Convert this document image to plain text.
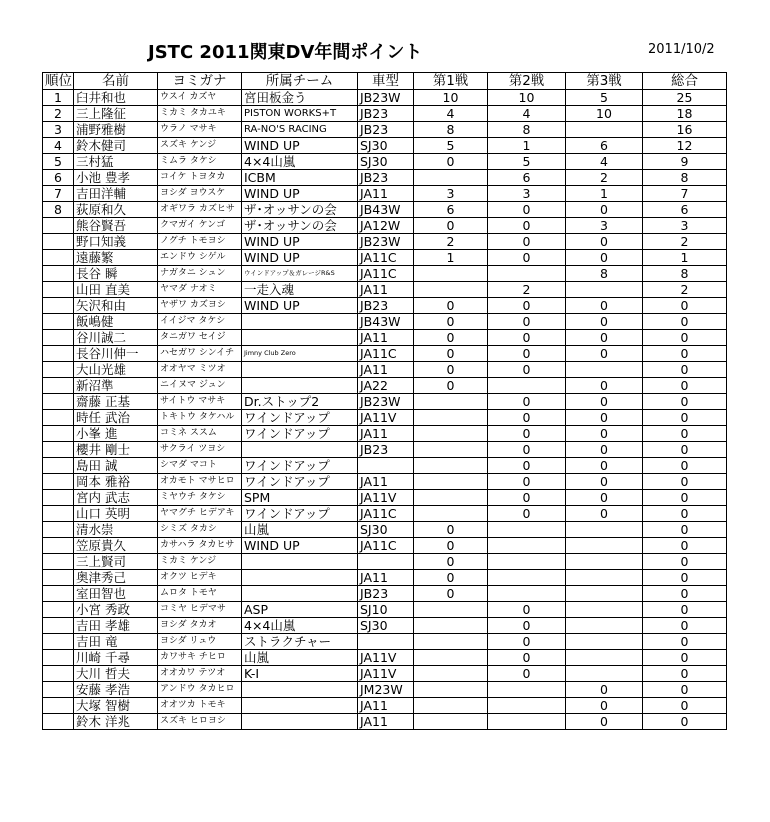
JSTC 2011関東DV年間ポイント	2011/10/2
順位	名前	ヨミガナ	所属チーム	車型	第1戦	第2戦	第3戦	総合
1	臼井和也	ウスイ カズヤ	宮田板金う	JB23W	10	10	5	25
2	三上隆征	ミカミ タカユキ	PISTON WORKS+T	JB23	4	4	10	18
3	浦野雅樹	ウラノ マサキ	RA-NO'S RACING	JB23	8	8		16
4	鈴木健司	スズキ ケンジ	WIND UP	SJ30	5	1	6	12
5	三村猛	ミムラ タケシ	4×4山嵐	SJ30	0	5	4	9
6	小池 豊孝	コイケ トヨタカ	ICBM	JB23		6	2	8
7	吉田洋輔	ヨシダ ヨウスケ	WIND UP	JA11	3	3	1	7
8	荻原和久	オギワラ カズヒサ	ザ･オッサンの会	JB43W	6	0	0	6
	熊谷賢吾	クマガイ ケンゴ	ザ･オッサンの会	JA12W	0	0	3	3
	野口知義	ノグチ トモヨシ	WIND UP	JB23W	2	0	0	2
	遠藤繁	エンドウ シゲル	WIND UP	JA11C	1	0	0	1
	長谷 瞬	ナガタニ シュン	ウインドアップ＆ガレージR&S	JA11C			8	8
	山田 直美	ヤマダ ナオミ	一走入魂	JA11		2		2
	矢沢和由	ヤザワ カズヨシ	WIND UP	JB23	0	0	0	0
	飯嶋健	イイジマ タケシ		JB43W	0	0	0	0
	谷川誠二	タニガワ セイジ		JA11	0	0	0	0
	長谷川伸一	ハセガワ シンイチ	Jimny Club Zero	JA11C	0	0	0	0
	大山光雄	オオヤマ ミツオ		JA11	0	0		0
	新沼準	ニイヌマ ジュン		JA22	0		0	0
	齋藤 正基	サイトウ マサキ	Dr.ストップ2	JB23W		0	0	0
	時任 武治	トキトウ タケハル	ワインドアップ	JA11V		0	0	0
	小峯 進	コミネ ススム	ワインドアップ	JA11		0	0	0
	櫻井 剛士	サクライ ツヨシ		JB23		0	0	0
	島田 誠	シマダ マコト	ワインドアップ			0	0	0
	岡本 雅裕	オカモト マサヒロ	ワインドアップ	JA11		0	0	0
	宮内 武志	ミヤウチ タケシ	SPM	JA11V		0	0	0
	山口 英明	ヤマグチ ヒデアキ	ワインドアップ	JA11C		0	0	0
	清水崇	シミズ タカシ	山嵐	SJ30	0			0
	笠原貴久	カサハラ タカヒサ	WIND UP	JA11C	0			0
	三上賢司	ミカミ ケンジ			0			0
	奥津秀己	オクツ ヒデキ		JA11	0			0
	室田智也	ムロタ トモヤ		JB23	0			0
	小宮 秀政	コミヤ ヒデマサ	ASP	SJ10		0		0
	吉田 孝雄	ヨシダ タカオ	4×4山嵐	SJ30		0		0
	吉田 竜	ヨシダ リュウ	ストラクチャー			0		0
	川崎 千尋	カワサキ チヒロ	山嵐	JA11V		0		0
	大川 哲夫	オオカワ テツオ	K-I	JA11V		0		0
	安藤 孝浩	アンドウ タカヒロ		JM23W			0	0
	大塚 智樹	オオツカ トモキ		JA11			0	0
	鈴木 洋兆	スズキ ヒロヨシ		JA11			0	0
